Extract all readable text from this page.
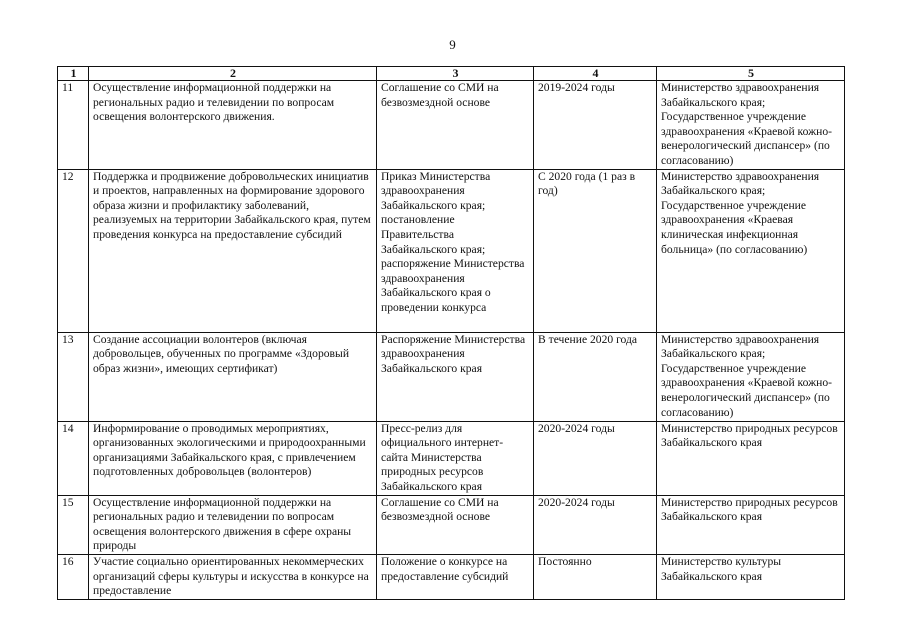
9
1	2	3	4	5
11	Осуществление информационной поддержки на региональных радио и телевидении по вопросам освещения волонтерского движения.	Соглашение со СМИ на безвозмездной основе	2019-2024 годы	Министерство здравоохранения Забайкальского края; Государственное учреждение здравоохранения «Краевой кожно-венерологический диспансер» (по согласованию)
12	Поддержка и продвижение добровольческих инициатив и проектов, направленных на формирование здорового образа жизни и профилактику заболеваний, реализуемых на территории Забайкальского края, путем проведения конкурса на предоставление субсидий	Приказ Министерства здравоохранения Забайкальского края; постановление Правительства Забайкальского края; распоряжение Министерства здравоохранения Забайкальского края о проведении конкурса	С 2020 года (1 раз в год)	Министерство здравоохранения Забайкальского края; Государственное учреждение здравоохранения «Краевая клиническая инфекционная больница» (по согласованию)
13	Создание ассоциации волонтеров (включая добровольцев, обученных по программе «Здоровый образ жизни», имеющих сертификат)	Распоряжение Министерства здравоохранения Забайкальского края	В течение 2020 года	Министерство здравоохранения Забайкальского края; Государственное учреждение здравоохранения «Краевой кожно-венерологический диспансер» (по согласованию)
14	Информирование о проводимых мероприятиях, организованных экологическими и природоохранными организациями Забайкальского края, с привлечением подготовленных добровольцев (волонтеров)	Пресс-релиз для официального интернет-сайта Министерства природных ресурсов Забайкальского края	2020-2024 годы	Министерство природных ресурсов Забайкальского края
15	Осуществление информационной поддержки на региональных радио и телевидении по вопросам освещения волонтерского движения в сфере охраны природы	Соглашение со СМИ на безвозмездной основе	2020-2024 годы	Министерство природных ресурсов Забайкальского края
16	Участие социально ориентированных некоммерческих организаций сферы культуры и искусства в конкурсе на предоставление	Положение о конкурсе на предоставление субсидий	Постоянно	Министерство культуры Забайкальского края
